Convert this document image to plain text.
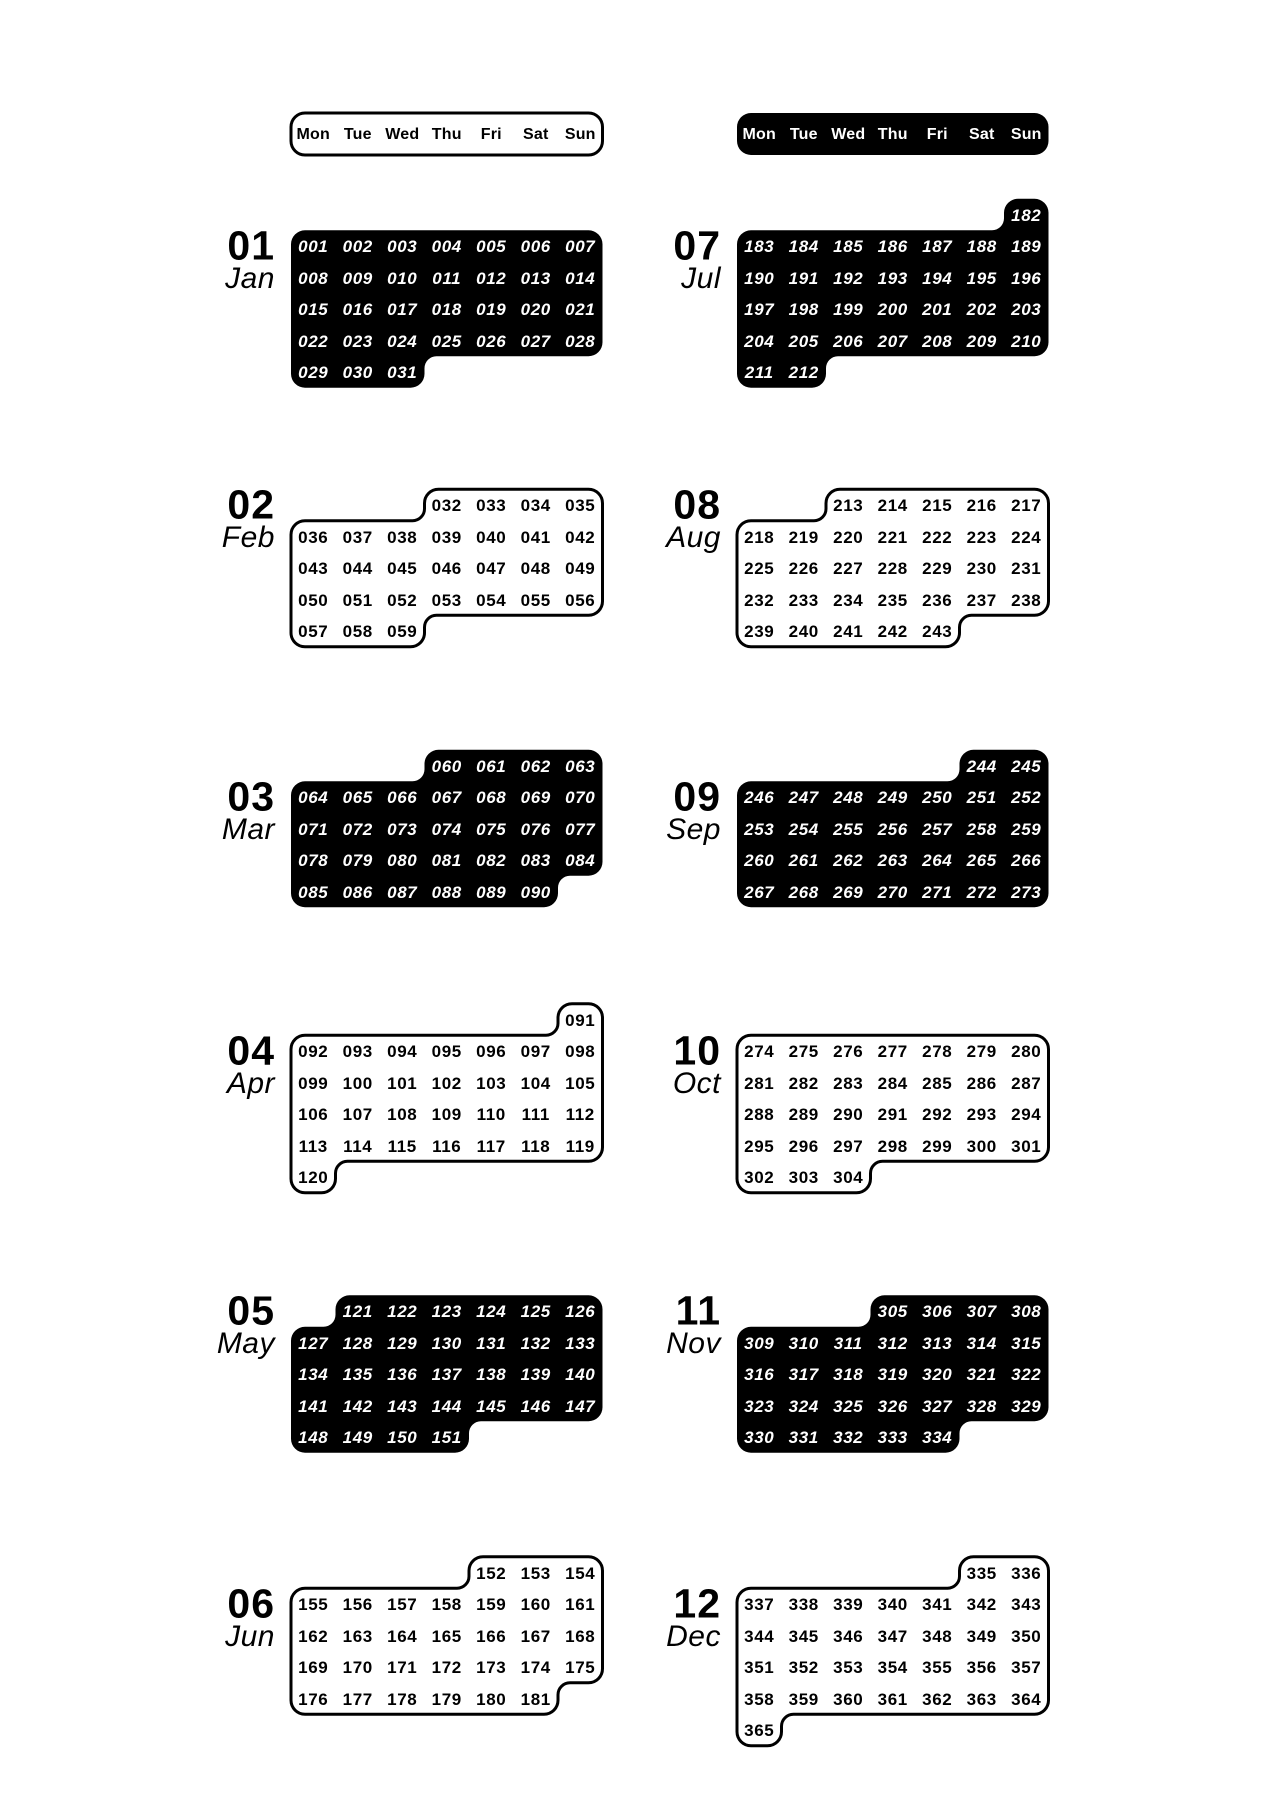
Mon Tue Wed Thu Fri Sat Sun	Mon Tue Wed Thu Fri Sat Sun
01
Jan
001 002 003 004 005 006 007
008 009 010 011 012 013 014
015 016 017 018 019 020 021
022 023 024 025 026 027 028
029 030 031
02
Feb
032 033 034 035
036 037 038 039 040 041 042
043 044 045 046 047 048 049
050 051 052 053 054 055 056
057 058 059
03
Mar
060 061 062 063
064 065 066 067 068 069 070
071 072 073 074 075 076 077
078 079 080 081 082 083 084
085 086 087 088 089 090
04
Apr
091
092 093 094 095 096 097 098
099 100 101 102 103 104 105
106 107 108 109 110 111 112
113 114 115 116 117 118 119
120
05
May
121 122 123 124 125 126
127 128 129 130 131 132 133
134 135 136 137 138 139 140
141 142 143 144 145 146 147
148 149 150 151
06
Jun
152 153 154
155 156 157 158 159 160 161
162 163 164 165 166 167 168
169 170 171 172 173 174 175
176 177 178 179 180 181
07
Jul
182
183 184 185 186 187 188 189
190 191 192 193 194 195 196
197 198 199 200 201 202 203
204 205 206 207 208 209 210
211 212
08
Aug
213 214 215 216 217
218 219 220 221 222 223 224
225 226 227 228 229 230 231
232 233 234 235 236 237 238
239 240 241 242 243
09
Sep
244 245
246 247 248 249 250 251 252
253 254 255 256 257 258 259
260 261 262 263 264 265 266
267 268 269 270 271 272 273
10
Oct
274 275 276 277 278 279 280
281 282 283 284 285 286 287
288 289 290 291 292 293 294
295 296 297 298 299 300 301
302 303 304
11
Nov
305 306 307 308
309 310 311 312 313 314 315
316 317 318 319 320 321 322
323 324 325 326 327 328 329
330 331 332 333 334
12
Dec
335 336
337 338 339 340 341 342 343
344 345 346 347 348 349 350
351 352 353 354 355 356 357
358 359 360 361 362 363 364
365
